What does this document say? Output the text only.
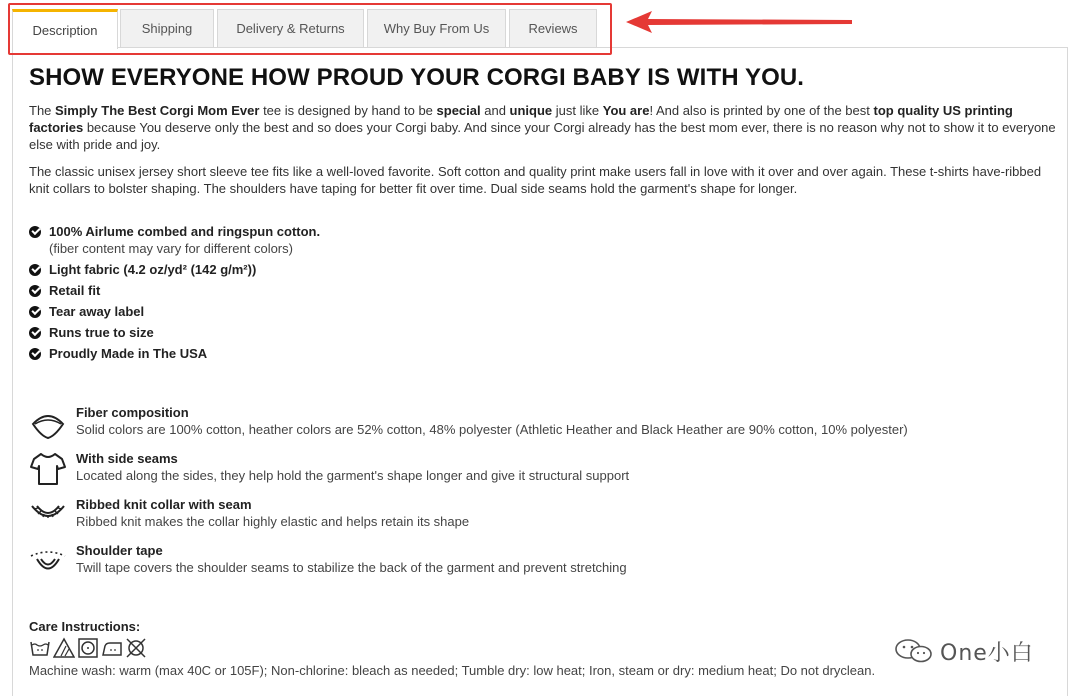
Description	Shipping	Delivery & Returns	Why Buy From Us	Reviews
SHOW EVERYONE HOW PROUD YOUR CORGI BABY IS WITH YOU.

The Simply The Best Corgi Mom Ever tee is designed by hand to be special and unique just like You are! And also is printed by one of the best top quality US printing factories because You deserve only the best and so does your Corgi baby. And since your Corgi already has the best mom ever, there is no reason why not to show it to everyone else with pride and joy.

The classic unisex jersey short sleeve tee fits like a well-loved favorite. Soft cotton and quality print make users fall in love with it over and over again. These t-shirts have-ribbed knit collars to bolster shaping. The shoulders have taping for better fit over time. Dual side seams hold the garment's shape for longer.

100% Airlume combed and ringspun cotton.
(fiber content may vary for different colors)
Light fabric (4.2 oz/yd² (142 g/m²))
Retail fit
Tear away label
Runs true to size
Proudly Made in The USA
Fiber composition
Solid colors are 100% cotton, heather colors are 52% cotton, 48% polyester (Athletic Heather and Black Heather are 90% cotton, 10% polyester)
With side seams
Located along the sides, they help hold the garment's shape longer and give it structural support
Ribbed knit collar with seam
Ribbed knit makes the collar highly elastic and helps retain its shape
Shoulder tape
Twill tape covers the shoulder seams to stabilize the back of the garment and prevent stretching
Care Instructions:
Machine wash: warm (max 40C or 105F); Non-chlorine: bleach as needed; Tumble dry: low heat; Iron, steam or dry: medium heat; Do not dryclean.
One小白
